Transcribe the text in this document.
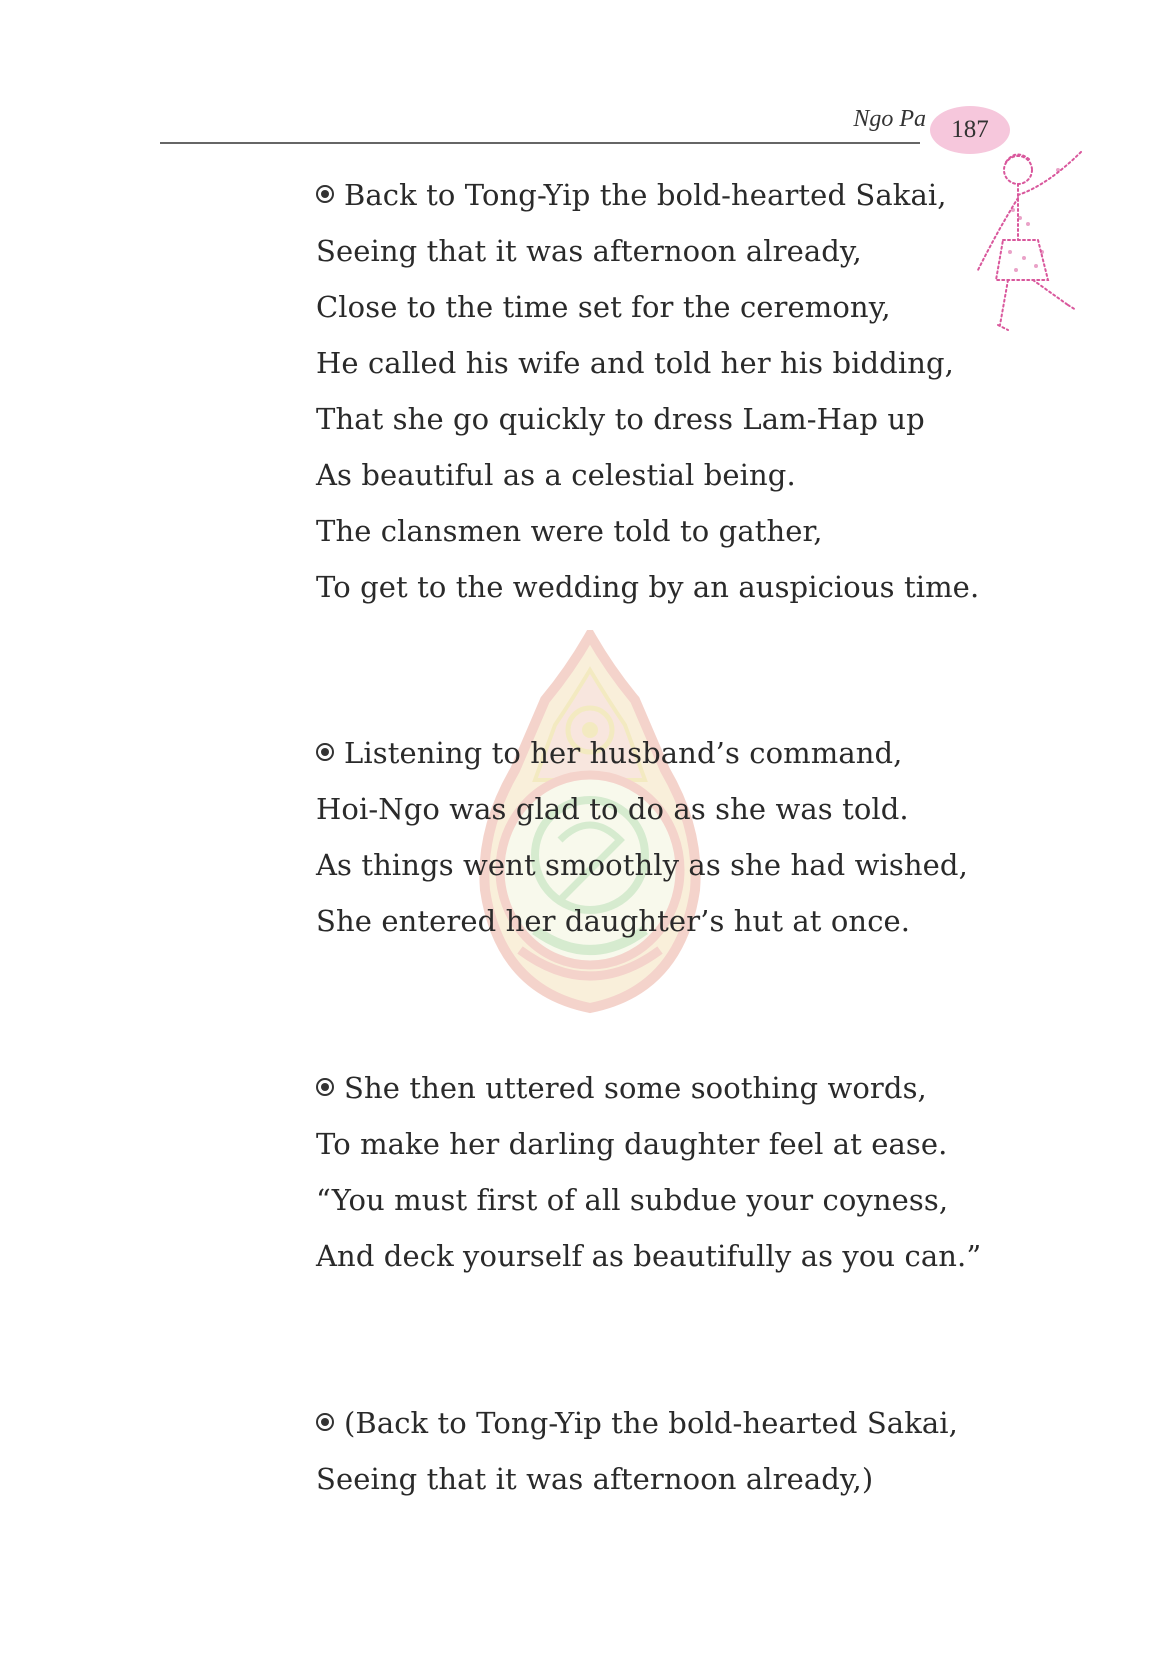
Ngo Pa 187
Back to Tong-Yip the bold-hearted Sakai,
Seeing that it was afternoon already,
Close to the time set for the ceremony,
He called his wife and told her his bidding,
That she go quickly to dress Lam-Hap up
As beautiful as a celestial being.
The clansmen were told to gather,
To get to the wedding by an auspicious time.
Listening to her husband’s command,
Hoi-Ngo was glad to do as she was told.
As things went smoothly as she had wished,
She entered her daughter’s hut at once.
She then uttered some soothing words,
To make her darling daughter feel at ease.
“You must first of all subdue your coyness,
And deck yourself as beautifully as you can.”
(Back to Tong-Yip the bold-hearted Sakai,
Seeing that it was afternoon already,)
